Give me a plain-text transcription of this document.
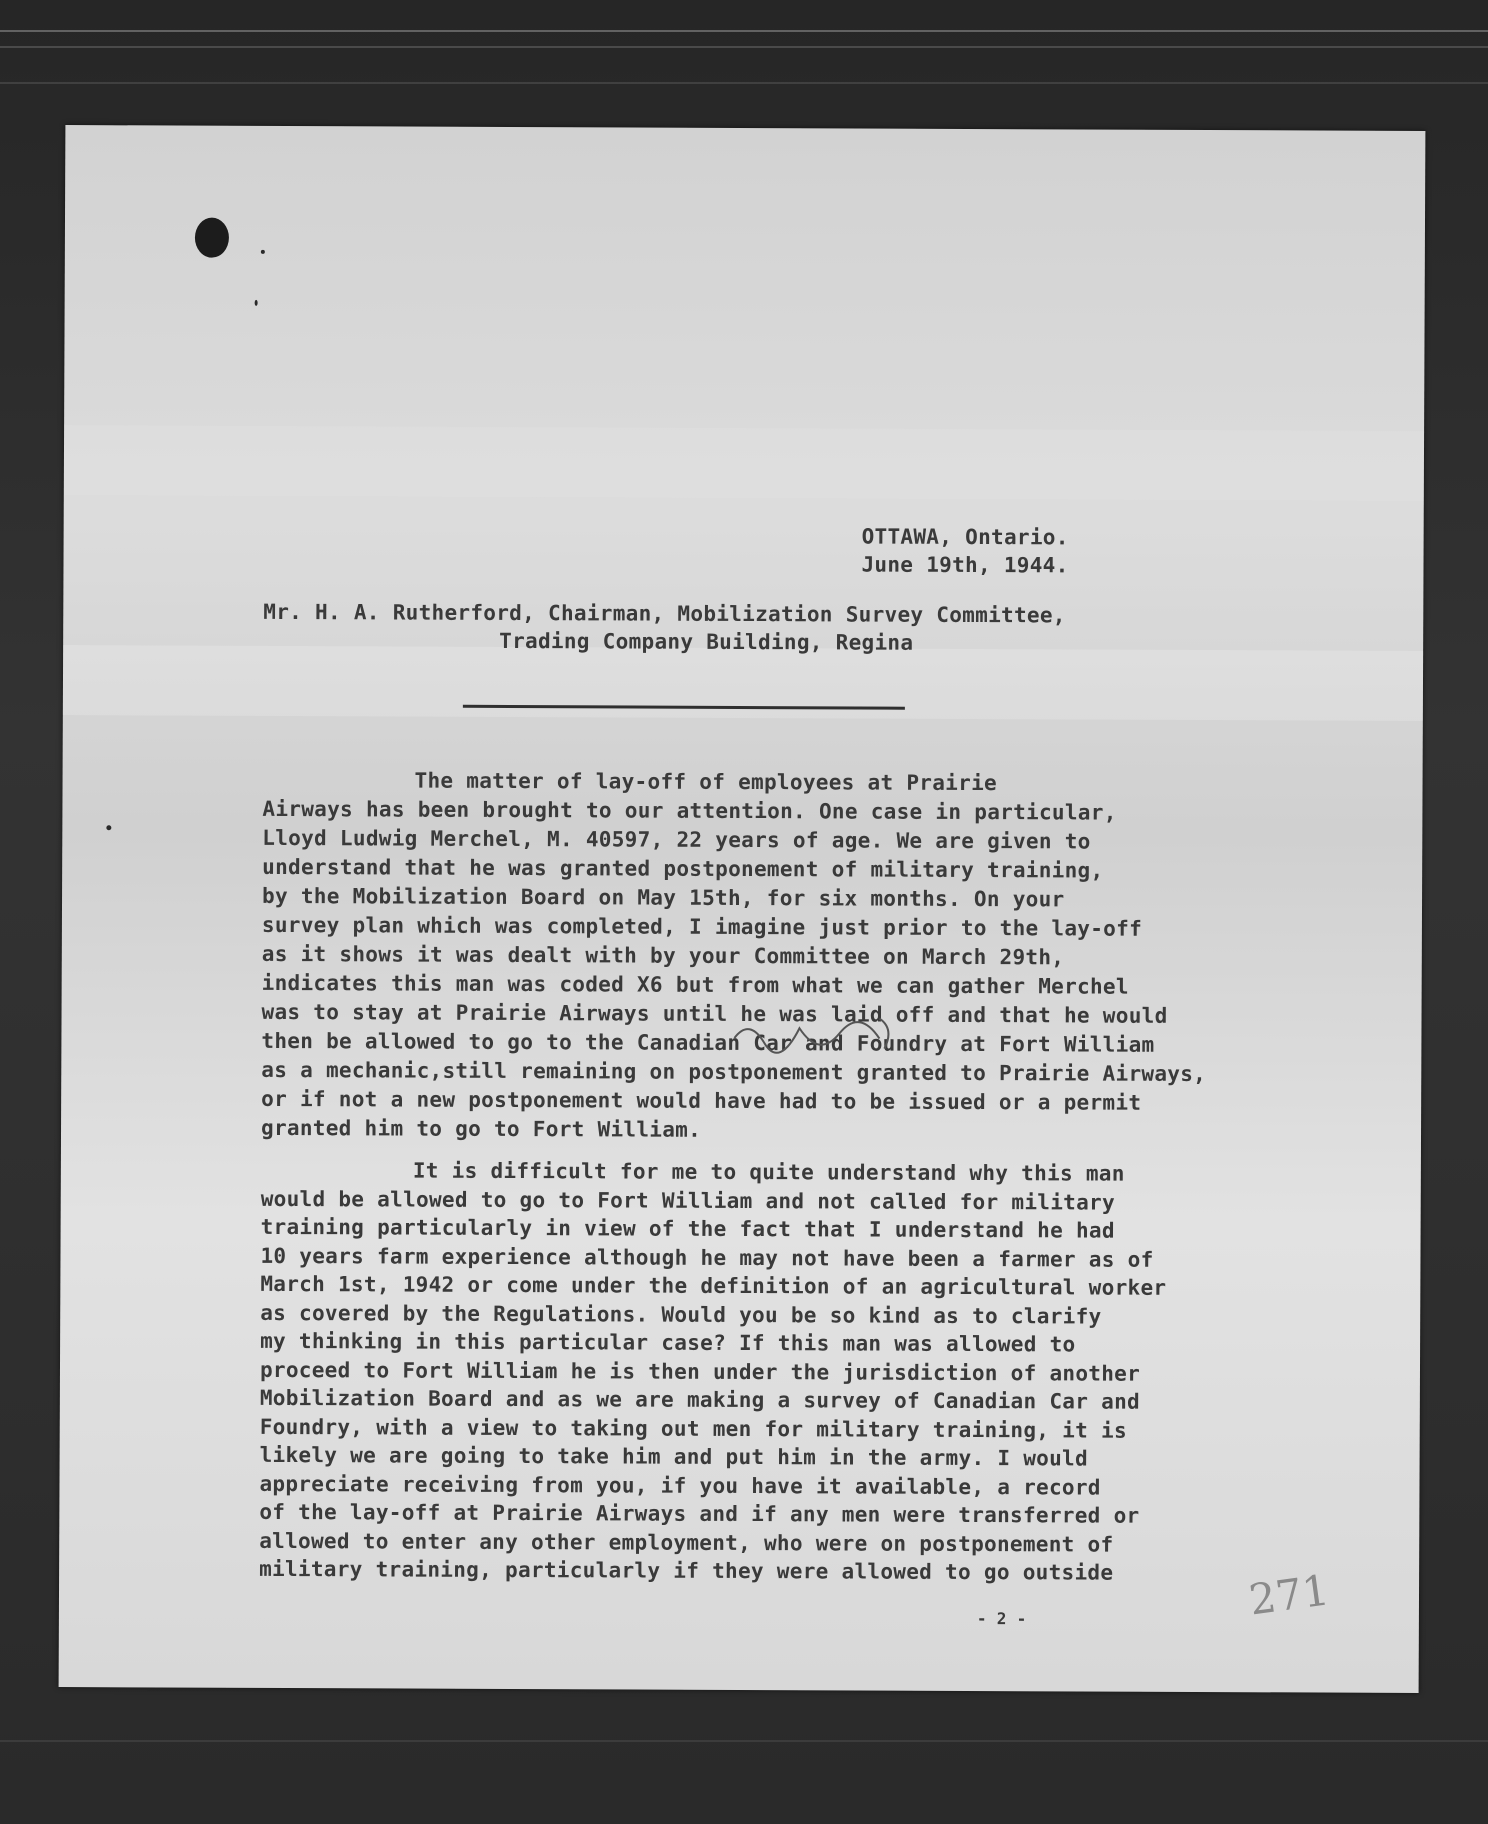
OTTAWA, Ontario.
June 19th, 1944.
Mr. H. A. Rutherford, Chairman, Mobilization Survey Committee,
Trading Company Building, Regina
The matter of lay-off of employees at Prairie
Airways has been brought to our attention. One case in particular,
Lloyd Ludwig Merchel, M. 40597, 22 years of age. We are given to
understand that he was granted postponement of military training,
by the Mobilization Board on May 15th, for six months. On your
survey plan which was completed, I imagine just prior to the lay-off
as it shows it was dealt with by your Committee on March 29th,
indicates this man was coded X6 but from what we can gather Merchel
was to stay at Prairie Airways until he was laid off and that he would
then be allowed to go to the Canadian Car and Foundry at Fort William
as a mechanic,still remaining on postponement granted to Prairie Airways,
or if not a new postponement would have had to be issued or a permit
granted him to go to Fort William.
It is difficult for me to quite understand why this man
would be allowed to go to Fort William and not called for military
training particularly in view of the fact that I understand he had
10 years farm experience although he may not have been a farmer as of
March 1st, 1942 or come under the definition of an agricultural worker
as covered by the Regulations. Would you be so kind as to clarify
my thinking in this particular case? If this man was allowed to
proceed to Fort William he is then under the jurisdiction of another
Mobilization Board and as we are making a survey of Canadian Car and
Foundry, with a view to taking out men for military training, it is
likely we are going to take him and put him in the army. I would
appreciate receiving from you, if you have it available, a record
of the lay-off at Prairie Airways and if any men were transferred or
allowed to enter any other employment, who were on postponement of
military training, particularly if they were allowed to go outside
- 2 -	271
